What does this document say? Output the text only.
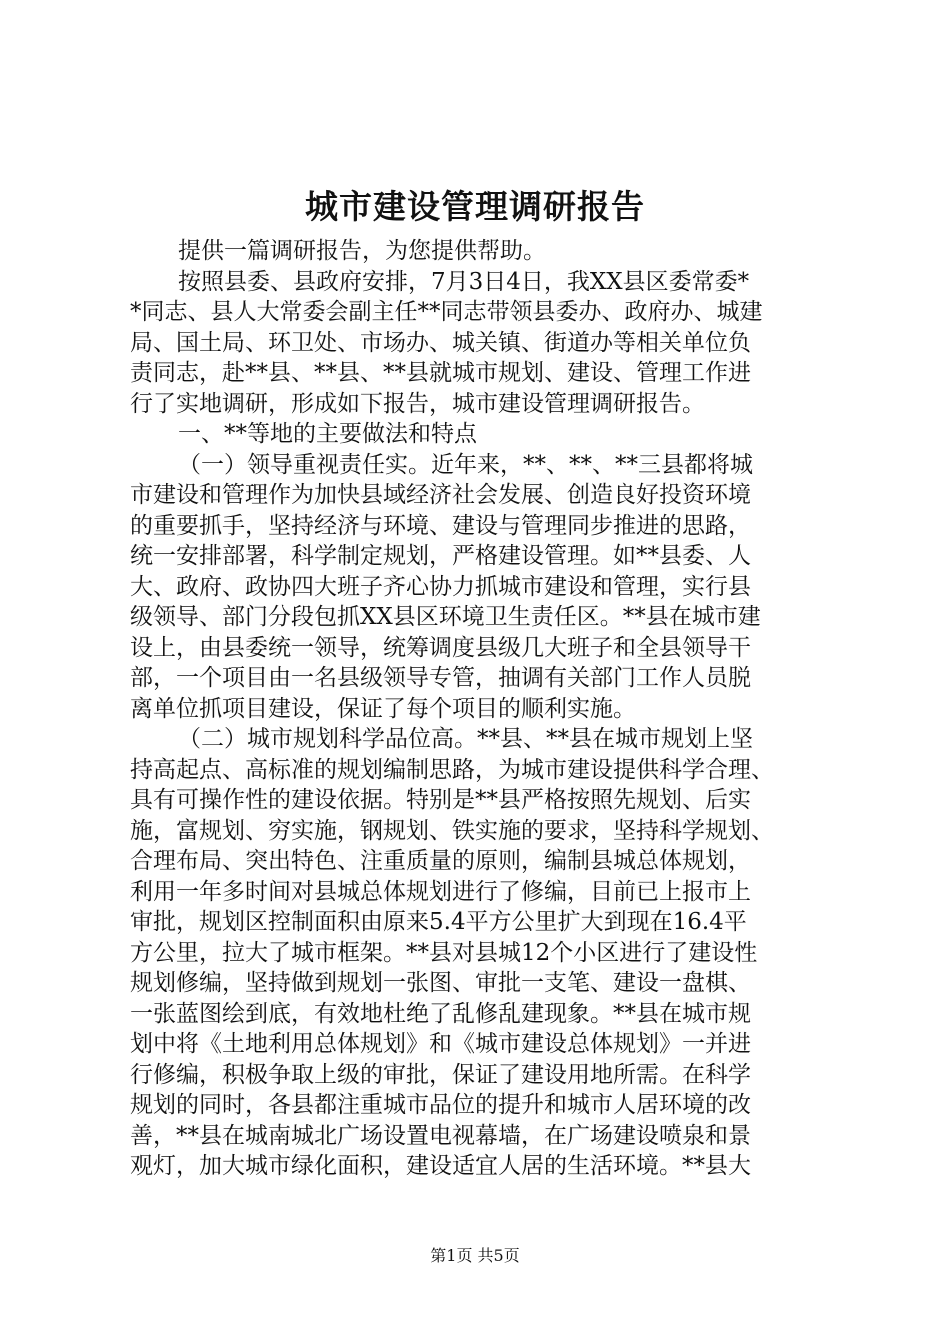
城市建设管理调研报告
提供一篇调研报告，为您提供帮助。
按照县委、县政府安排，7月3日4日，我XX县区委常委*
*同志、县人大常委会副主任**同志带领县委办、政府办、城建
局、国土局、环卫处、市场办、城关镇、街道办等相关单位负
责同志，赴**县、**县、**县就城市规划、建设、管理工作进
行了实地调研，形成如下报告，城市建设管理调研报告。
一、**等地的主要做法和特点
（一）领导重视责任实。近年来，**、**、**三县都将城
市建设和管理作为加快县域经济社会发展、创造良好投资环境
的重要抓手，坚持经济与环境、建设与管理同步推进的思路，
统一安排部署，科学制定规划，严格建设管理。如**县委、人
大、政府、政协四大班子齐心协力抓城市建设和管理，实行县
级领导、部门分段包抓XX县区环境卫生责任区。**县在城市建
设上，由县委统一领导，统筹调度县级几大班子和全县领导干
部，一个项目由一名县级领导专管，抽调有关部门工作人员脱
离单位抓项目建设，保证了每个项目的顺利实施。
（二）城市规划科学品位高。**县、**县在城市规划上坚
持高起点、高标准的规划编制思路，为城市建设提供科学合理、
具有可操作性的建设依据。特别是**县严格按照先规划、后实
施，富规划、穷实施，钢规划、铁实施的要求，坚持科学规划、
合理布局、突出特色、注重质量的原则，编制县城总体规划，
利用一年多时间对县城总体规划进行了修编，目前已上报市上
审批，规划区控制面积由原来5.4平方公里扩大到现在16.4平
方公里，拉大了城市框架。**县对县城12个小区进行了建设性
规划修编，坚持做到规划一张图、审批一支笔、建设一盘棋、
一张蓝图绘到底，有效地杜绝了乱修乱建现象。**县在城市规
划中将《土地利用总体规划》和《城市建设总体规划》一并进
行修编，积极争取上级的审批，保证了建设用地所需。在科学
规划的同时，各县都注重城市品位的提升和城市人居环境的改
善，**县在城南城北广场设置电视幕墙，在广场建设喷泉和景
观灯，加大城市绿化面积，建设适宜人居的生活环境。**县大
第1页 共5页
